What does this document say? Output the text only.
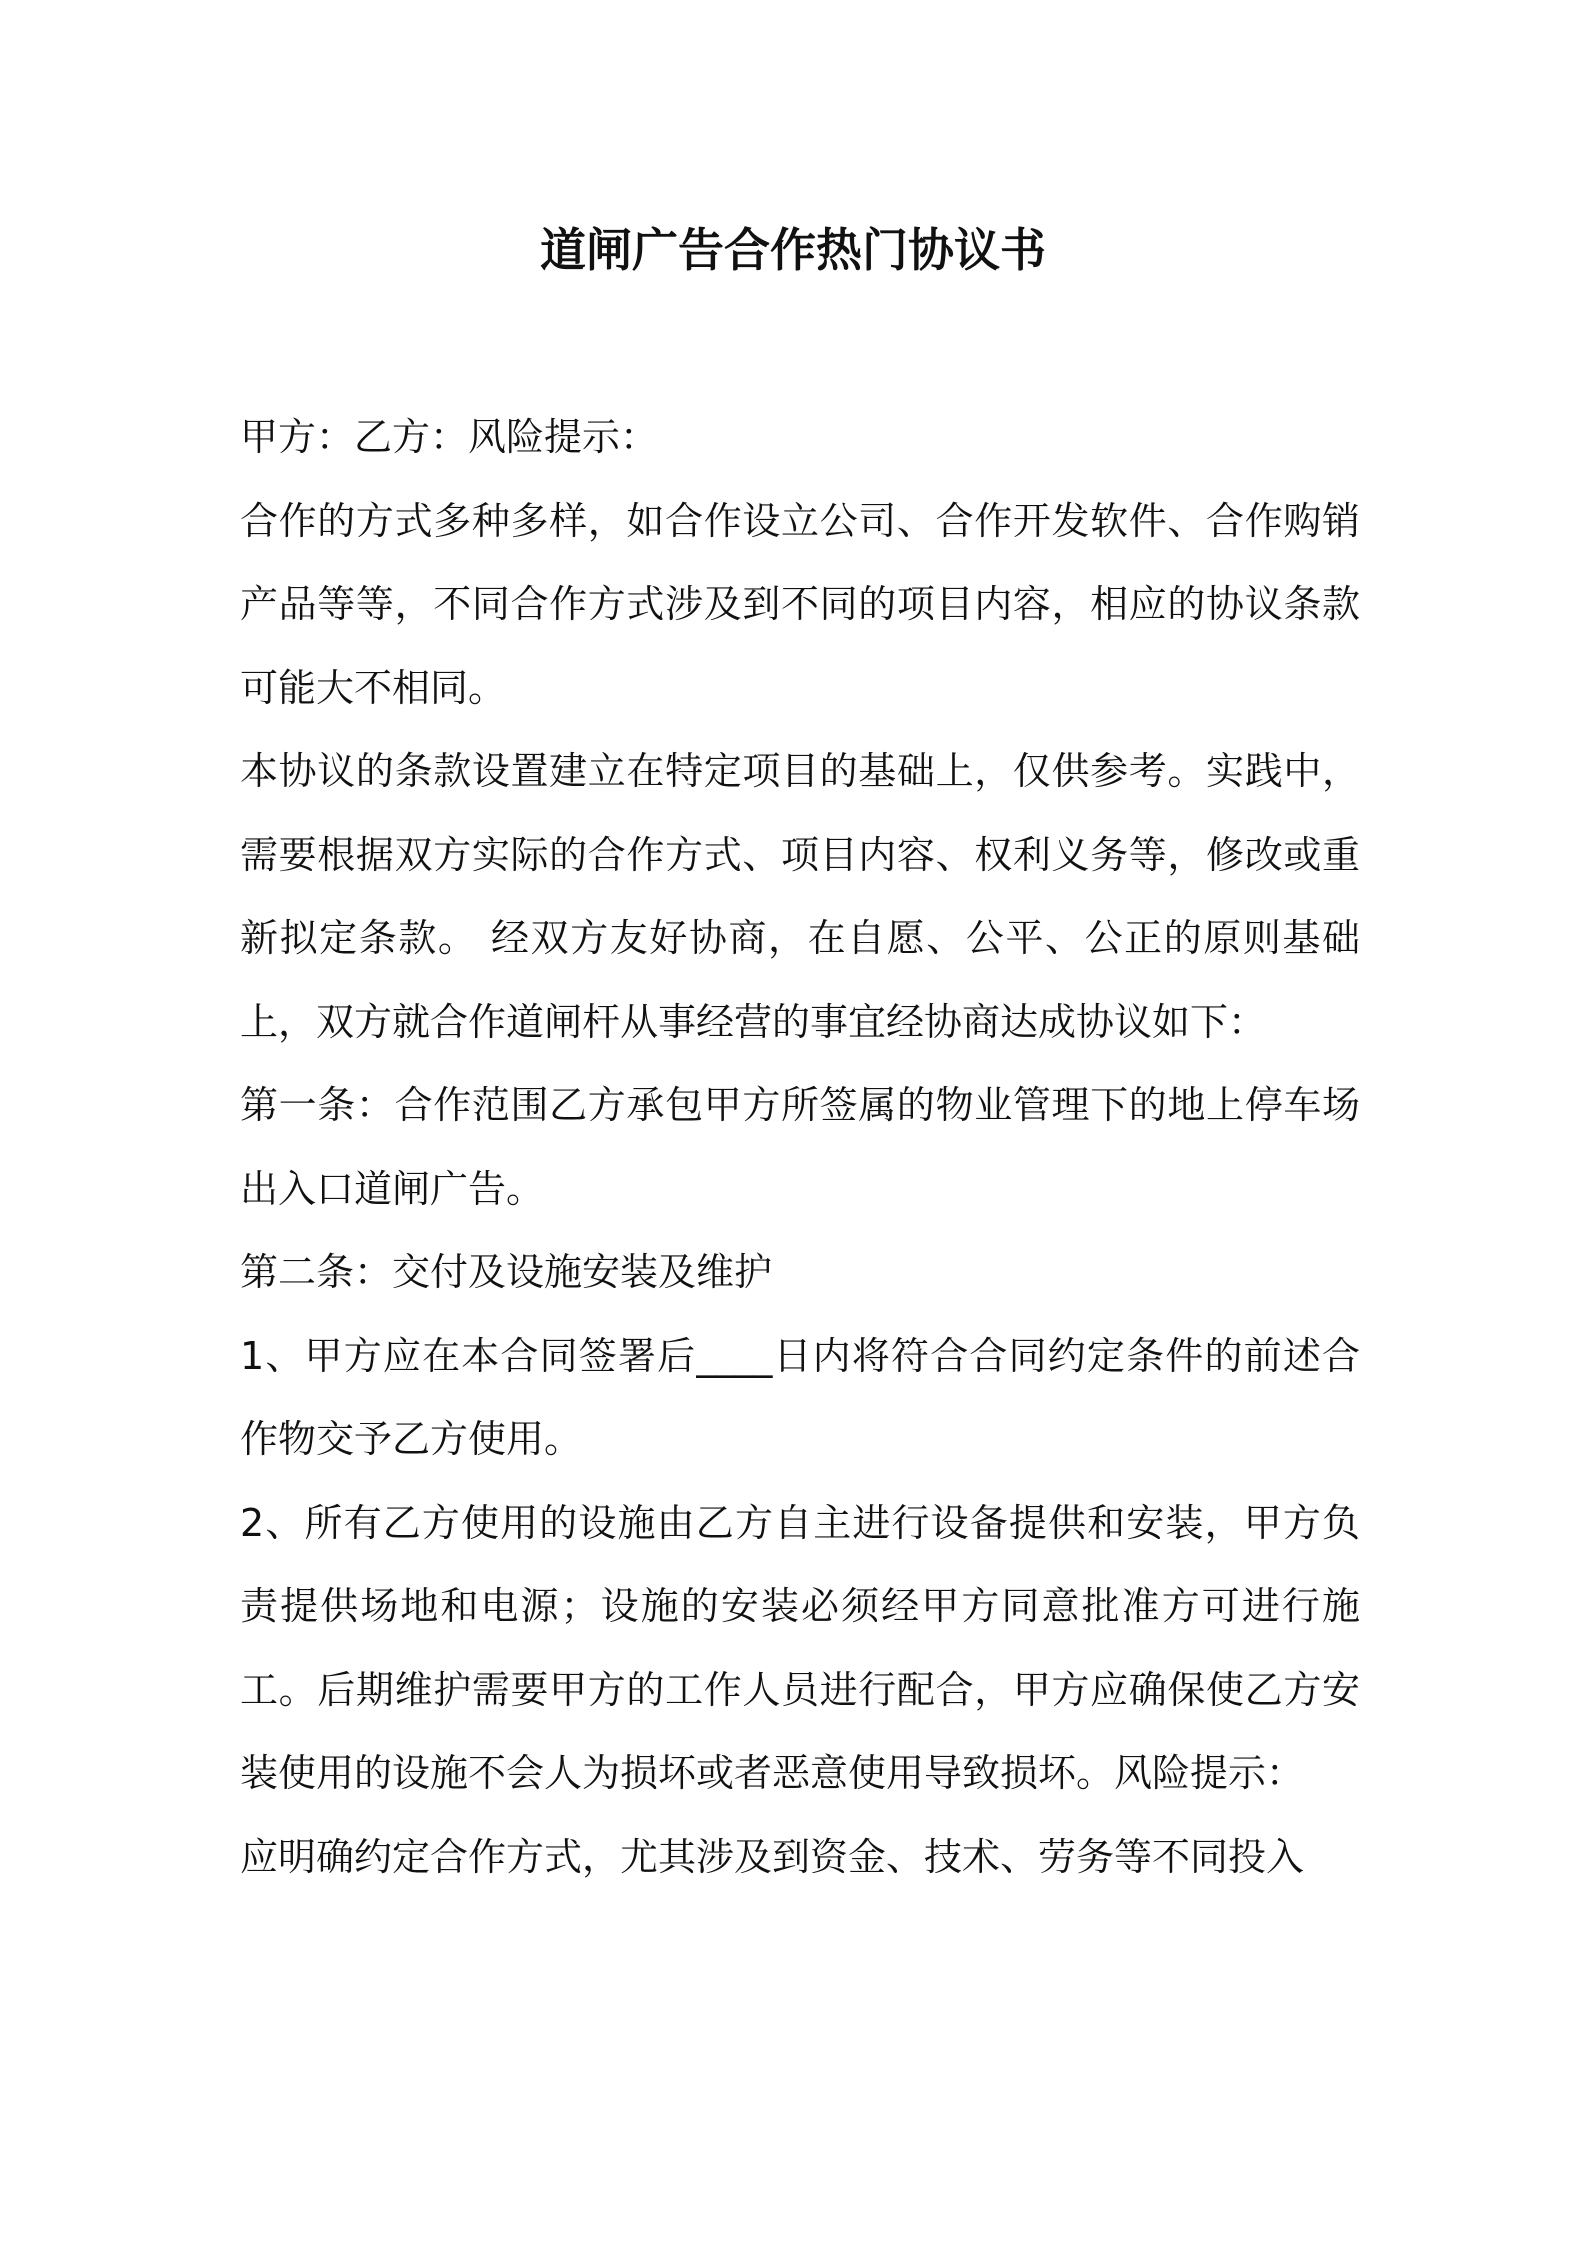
道闸广告合作热门协议书

甲方：乙方：风险提示：

合作的方式多种多样，如合作设立公司、合作开发软件、合作购销产品等等，不同合作方式涉及到不同的项目内容，相应的协议条款可能大不相同。

本协议的条款设置建立在特定项目的基础上，仅供参考。实践中，需要根据双方实际的合作方式、项目内容、权利义务等，修改或重新拟定条款。 经双方友好协商，在自愿、公平、公正的原则基础上，双方就合作道闸杆从事经营的事宜经协商达成协议如下：

第一条：合作范围乙方承包甲方所签属的物业管理下的地上停车场出入口道闸广告。

第二条：交付及设施安装及维护

1、甲方应在本合同签署后____日内将符合合同约定条件的前述合作物交予乙方使用。

2、所有乙方使用的设施由乙方自主进行设备提供和安装，甲方负责提供场地和电源；设施的安装必须经甲方同意批准方可进行施工。后期维护需要甲方的工作人员进行配合，甲方应确保使乙方安装使用的设施不会人为损坏或者恶意使用导致损坏。风险提示：

应明确约定合作方式，尤其涉及到资金、技术、劳务等不同投入
